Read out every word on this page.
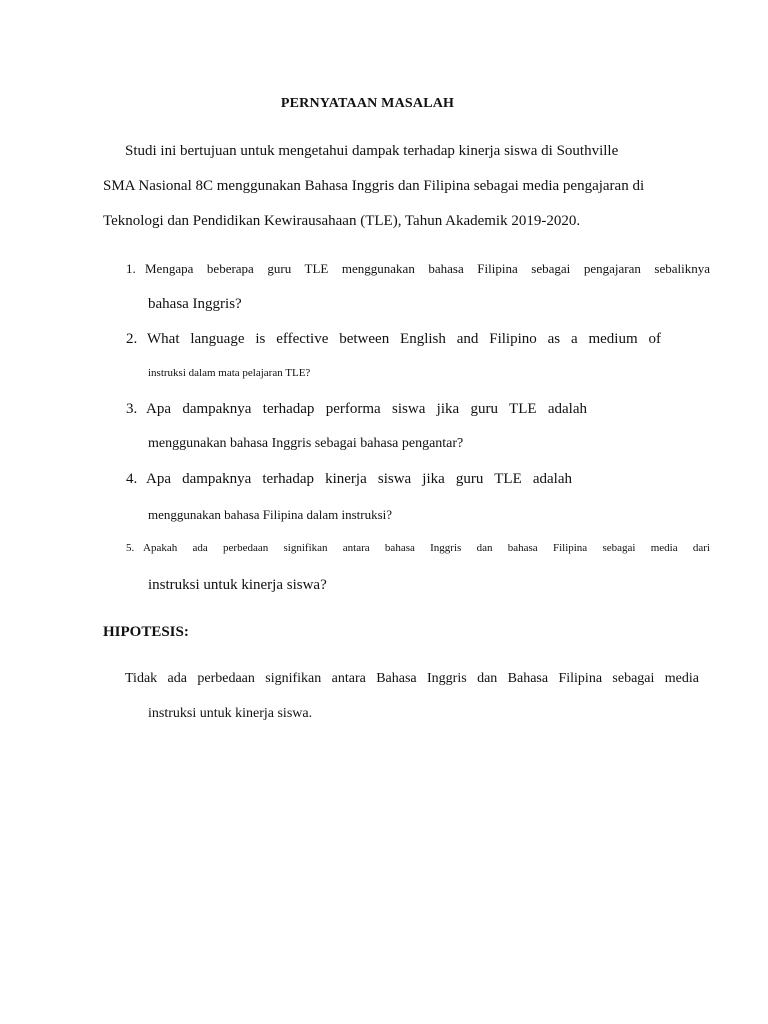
PERNYATAAN MASALAH
Studi ini bertujuan untuk mengetahui dampak terhadap kinerja siswa di Southville
SMA Nasional 8C menggunakan Bahasa Inggris dan Filipina sebagai media pengajaran di
Teknologi dan Pendidikan Kewirausahaan (TLE), Tahun Akademik 2019-2020.
1. Mengapa beberapa guru TLE menggunakan bahasa Filipina sebagai pengajaran sebaliknya
bahasa Inggris?
2. What language is effective between English and Filipino as a medium of
instruksi dalam mata pelajaran TLE?
3. Apa dampaknya terhadap performa siswa jika guru TLE adalah
menggunakan bahasa Inggris sebagai bahasa pengantar?
4. Apa dampaknya terhadap kinerja siswa jika guru TLE adalah
menggunakan bahasa Filipina dalam instruksi?
5. Apakah ada perbedaan signifikan antara bahasa Inggris dan bahasa Filipina sebagai media dari
instruksi untuk kinerja siswa?
HIPOTESIS:
Tidak ada perbedaan signifikan antara Bahasa Inggris dan Bahasa Filipina sebagai media
instruksi untuk kinerja siswa.
